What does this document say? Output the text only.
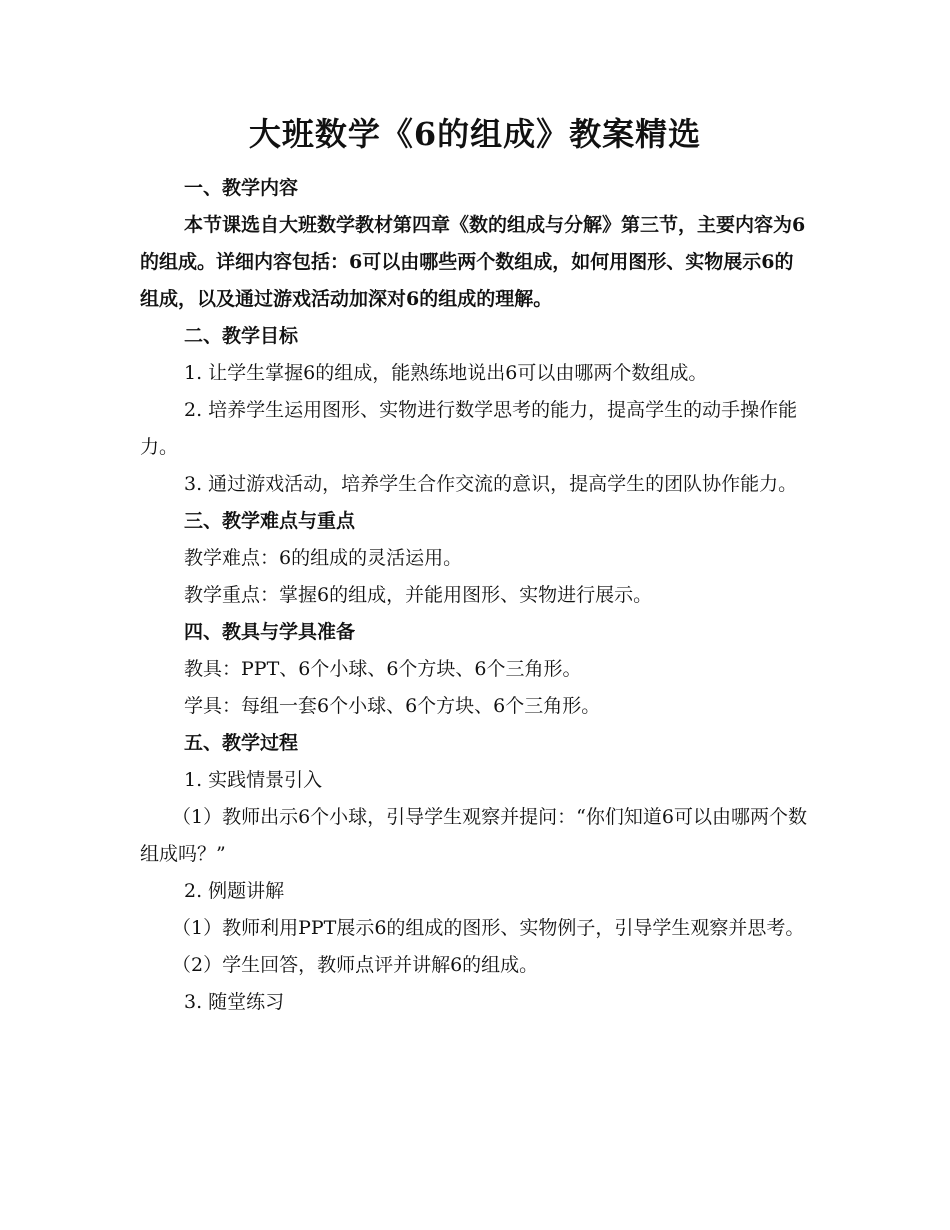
大班数学《6的组成》教案精选

一、教学内容

本节课选自大班数学教材第四章《数的组成与分解》第三节，主要内容为6的组成。详细内容包括：6可以由哪些两个数组成，如何用图形、实物展示6的组成，以及通过游戏活动加深对6的组成的理解。

二、教学目标

1. 让学生掌握6的组成，能熟练地说出6可以由哪两个数组成。

2. 培养学生运用图形、实物进行数学思考的能力，提高学生的动手操作能力。

3. 通过游戏活动，培养学生合作交流的意识，提高学生的团队协作能力。

三、教学难点与重点

教学难点：6的组成的灵活运用。

教学重点：掌握6的组成，并能用图形、实物进行展示。

四、教具与学具准备

教具：PPT、6个小球、6个方块、6个三角形。

学具：每组一套6个小球、6个方块、6个三角形。

五、教学过程

1. 实践情景引入

（1）教师出示6个小球，引导学生观察并提问：“你们知道6可以由哪两个数组成吗？”

2. 例题讲解

（1）教师利用PPT展示6的组成的图形、实物例子，引导学生观察并思考。

（2）学生回答，教师点评并讲解6的组成。

3. 随堂练习
